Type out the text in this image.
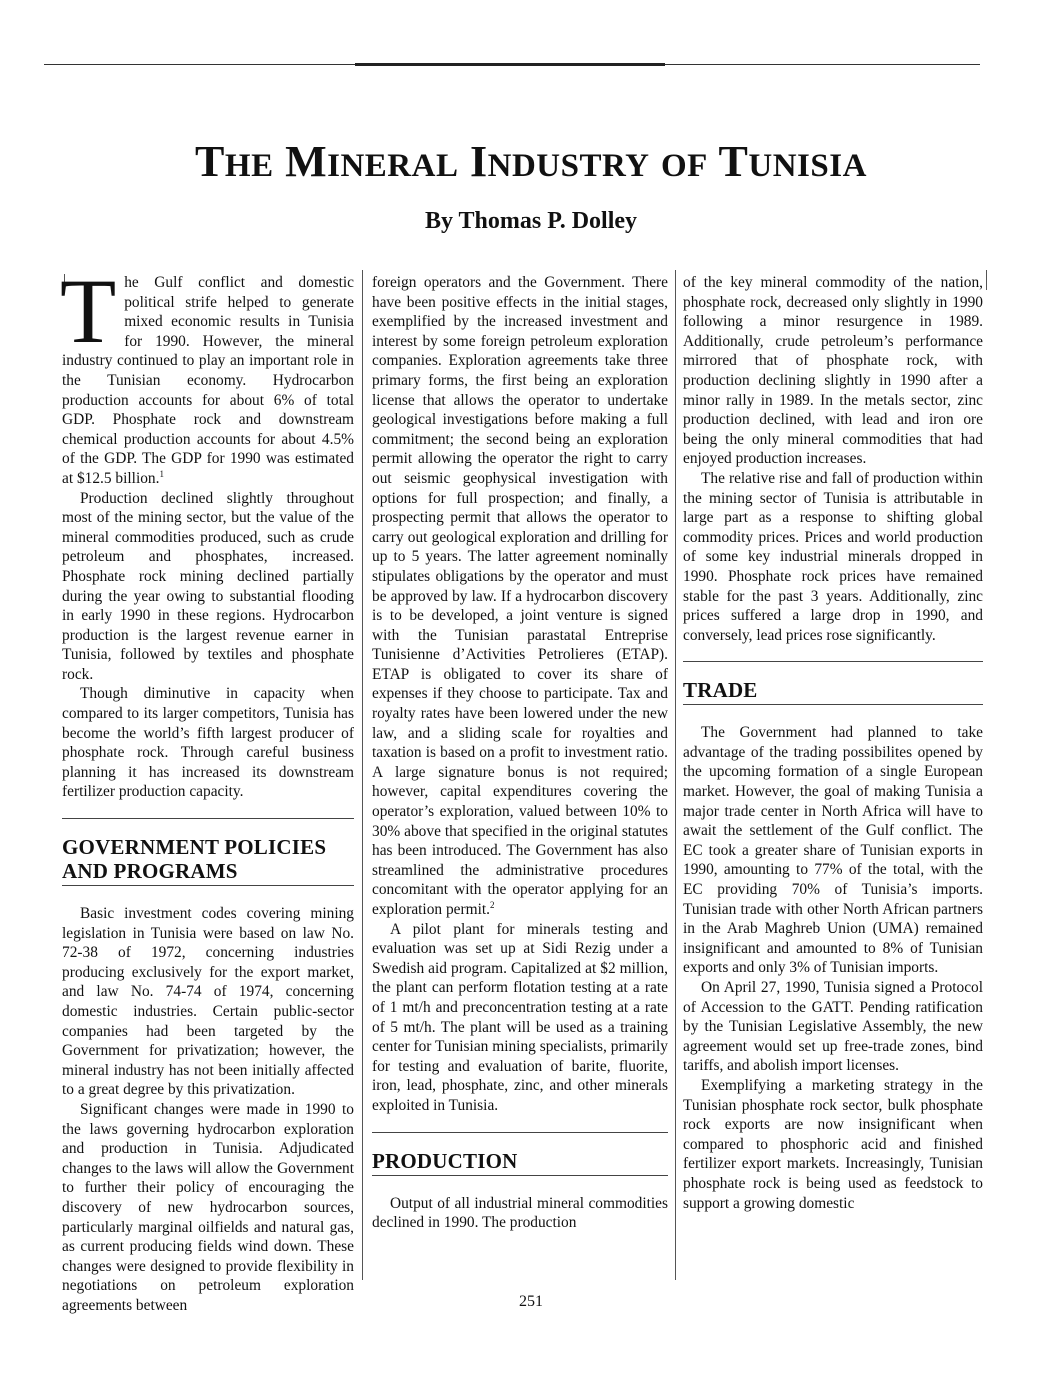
THE MINERAL INDUSTRY OF TUNISIA
By Thomas P. Dolley

The Gulf conflict and domestic political strife helped to generate mixed economic results in Tunisia for 1990. However, the mineral industry continued to play an important role in the Tunisian economy. Hydrocarbon production accounts for about 6% of total GDP. Phosphate rock and downstream chemical production accounts for about 4.5% of the GDP. The GDP for 1990 was estimated at $12.5 billion.$^1$

Production declined slightly throughout most of the mining sector, but the value of the mineral commodities produced, such as crude petroleum and phosphates, increased. Phosphate rock mining declined partially during the year owing to substantial flooding in early 1990 in these regions. Hydrocarbon production is the largest revenue earner in Tunisia, followed by textiles and phosphate rock.

Though diminutive in capacity when compared to its larger competitors, Tunisia has become the world’s fifth largest producer of phosphate rock. Through careful business planning it has increased its downstream fertilizer production capacity.

GOVERNMENT POLICIES
AND PROGRAMS

Basic investment codes covering mining legislation in Tunisia were based on law No. 72-38 of 1972, concerning industries producing exclusively for the export market, and law No. 74-74 of 1974, concerning domestic industries. Certain public-sector companies had been targeted by the Government for privatization; however, the mineral industry has not been initially affected to a great degree by this privatization.

Significant changes were made in 1990 to the laws governing hydrocarbon exploration and production in Tunisia. Adjudicated changes to the laws will allow the Government to further their policy of encouraging the discovery of new hydrocarbon sources, particularly marginal oilfields and natural gas, as current producing fields wind down. These changes were designed to provide flexibility in negotiations on petroleum exploration agreements between

foreign operators and the Government. There have been positive effects in the initial stages, exemplified by the increased investment and interest by some foreign petroleum exploration companies. Exploration agreements take three primary forms, the first being an exploration license that allows the operator to undertake geological investigations before making a full commitment; the second being an exploration permit allowing the operator the right to carry out seismic geophysical investigation with options for full prospection; and finally, a prospecting permit that allows the operator to carry out geological exploration and drilling for up to 5 years. The latter agreement nominally stipulates obligations by the operator and must be approved by law. If a hydrocarbon discovery is to be developed, a joint venture is signed with the Tunisian parastatal Entreprise Tunisienne d’Activities Petrolieres (ETAP). ETAP is obligated to cover its share of expenses if they choose to participate. Tax and royalty rates have been lowered under the new law, and a sliding scale for royalties and taxation is based on a profit to investment ratio. A large signature bonus is not required; however, capital expenditures covering the operator’s exploration, valued between 10% to 30% above that specified in the original statutes has been introduced. The Government has also streamlined the administrative procedures concomitant with the operator applying for an exploration permit.$^2$

A pilot plant for minerals testing and evaluation was set up at Sidi Rezig under a Swedish aid program. Capitalized at $2 million, the plant can perform flotation testing at a rate of 1 mt/h and preconcentration testing at a rate of 5 mt/h. The plant will be used as a training center for Tunisian mining specialists, primarily for testing and evaluation of barite, fluorite, iron, lead, phosphate, zinc, and other minerals exploited in Tunisia.

PRODUCTION

Output of all industrial mineral commodities declined in 1990. The production

of the key mineral commodity of the nation, phosphate rock, decreased only slightly in 1990 following a minor resurgence in 1989. Additionally, crude petroleum’s performance mirrored that of phosphate rock, with production declining slightly in 1990 after a minor rally in 1989. In the metals sector, zinc production declined, with lead and iron ore being the only mineral commodities that had enjoyed production increases.

The relative rise and fall of production within the mining sector of Tunisia is attributable in large part as a response to shifting global commodity prices. Prices and world production of some key industrial minerals dropped in 1990. Phosphate rock prices have remained stable for the past 3 years. Additionally, zinc prices suffered a large drop in 1990, and conversely, lead prices rose significantly.

TRADE

The Government had planned to take advantage of the trading possibilites opened by the upcoming formation of a single European market. However, the goal of making Tunisia a major trade center in North Africa will have to await the settlement of the Gulf conflict. The EC took a greater share of Tunisian exports in 1990, amounting to 77% of the total, with the EC providing 70% of Tunisia’s imports. Tunisian trade with other North African partners in the Arab Maghreb Union (UMA) remained insignificant and amounted to 8% of Tunisian exports and only 3% of Tunisian imports.

On April 27, 1990, Tunisia signed a Protocol of Accession to the GATT. Pending ratification by the Tunisian Legislative Assembly, the new agreement would set up free-trade zones, bind tariffs, and abolish import licenses.

Exemplifying a marketing strategy in the Tunisian phosphate rock sector, bulk phosphate rock exports are now insignificant when compared to phosphoric acid and finished fertilizer export markets. Increasingly, Tunisian phosphate rock is being used as feedstock to support a growing domestic

251
